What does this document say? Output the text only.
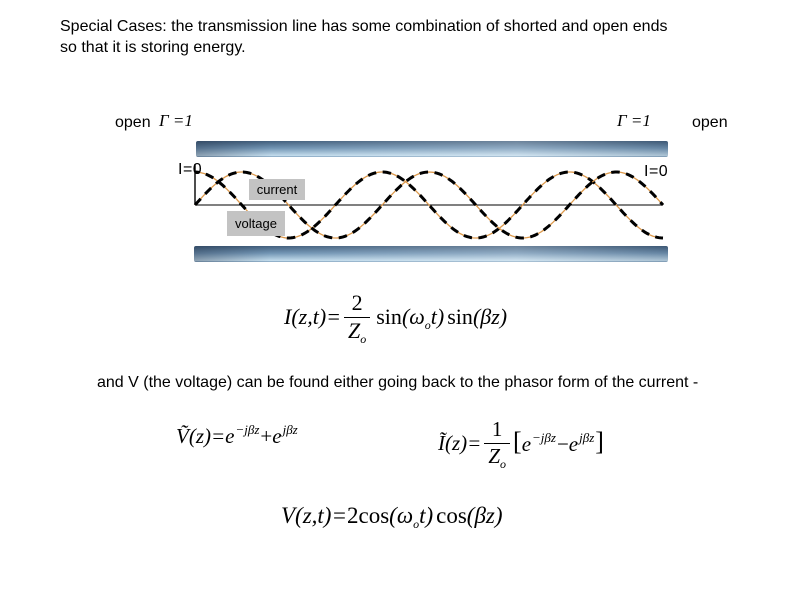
Special Cases: the transmission line has some combination of shorted and open ends
so that it is storing energy.
open Γ =1	Γ =1	open
I=0	I=0
current
voltage
$I(z,t)= \frac{2}{Z_o}$ sin (ω o t) sin (βz)
and V (the voltage) can be found either going back to the phasor form of the current -
Ṽ(z)= e −jβz + e jβz
Ĩ(z)= $\frac{1}{Z_o}$ [ e −jβz − e jβz ]
V(z,t)= 2 cos (ω o t) cos (βz)
